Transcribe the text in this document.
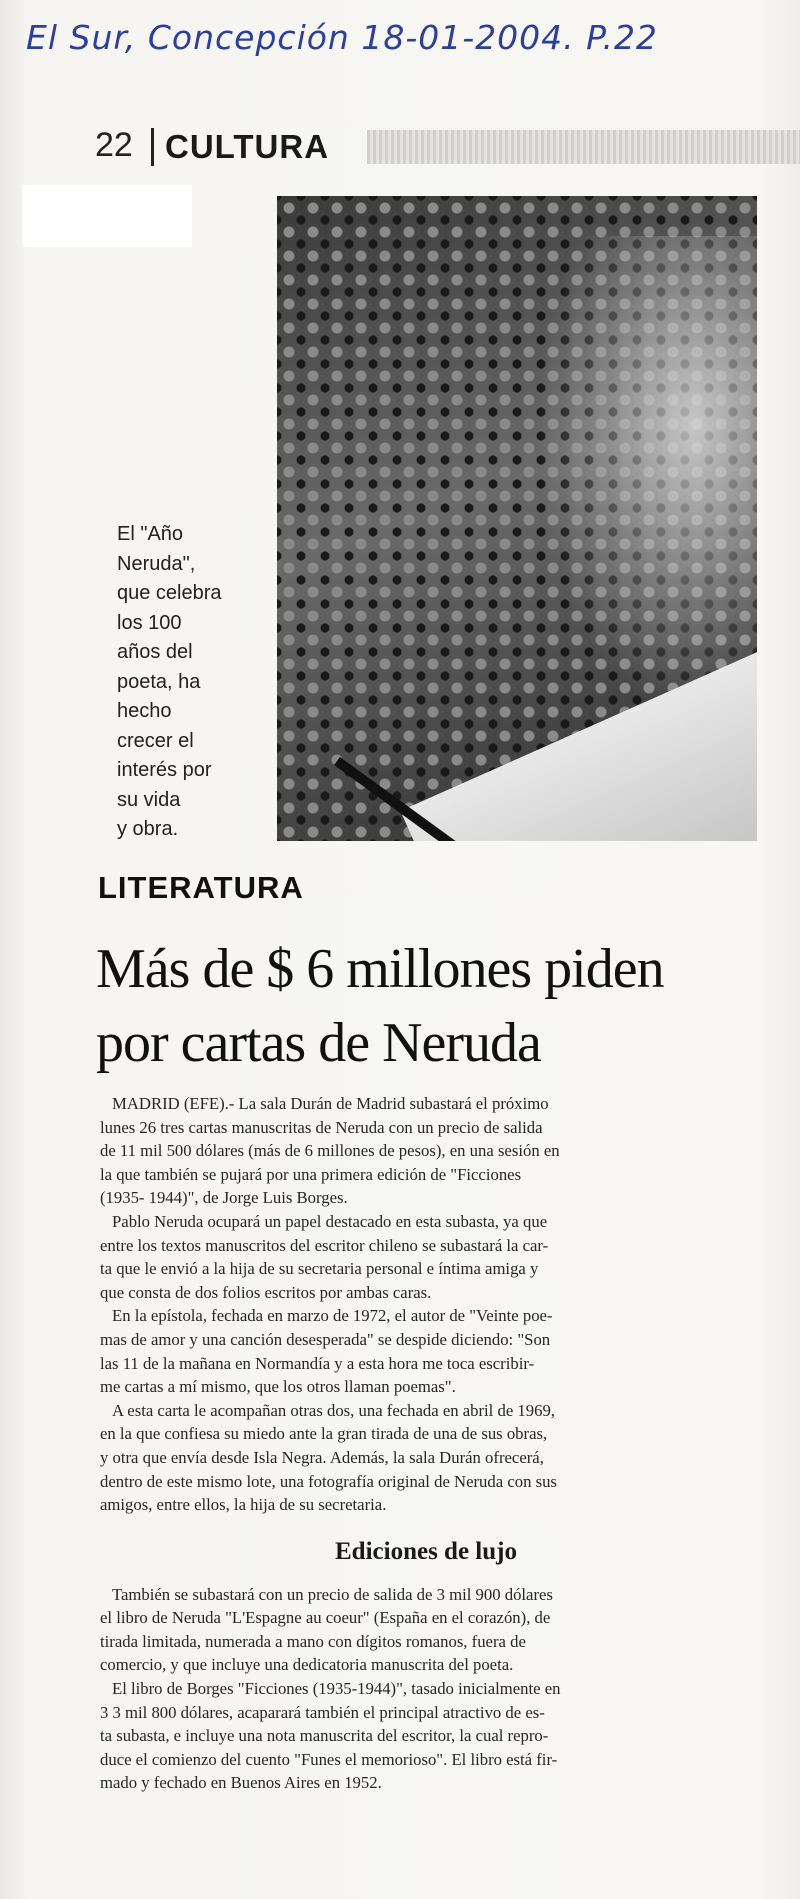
El Sur, Concepción 18-01-2004. P.22
22 CULTURA
El "Año
Neruda",
que celebra
los 100
años del
poeta, ha
hecho
crecer el
interés por
su vida
y obra.
LITERATURA
Más de $ 6 millones piden
por cartas de Neruda
MADRID (EFE).- La sala Durán de Madrid subastará el próximo
lunes 26 tres cartas manuscritas de Neruda con un precio de salida
de 11 mil 500 dólares (más de 6 millones de pesos), en una sesión en
la que también se pujará por una primera edición de "Ficciones
(1935- 1944)", de Jorge Luis Borges.
Pablo Neruda ocupará un papel destacado en esta subasta, ya que
entre los textos manuscritos del escritor chileno se subastará la car-
ta que le envió a la hija de su secretaria personal e íntima amiga y
que consta de dos folios escritos por ambas caras.
En la epístola, fechada en marzo de 1972, el autor de "Veinte poe-
mas de amor y una canción desesperada" se despide diciendo: "Son
las 11 de la mañana en Normandía y a esta hora me toca escribir-
me cartas a mí mismo, que los otros llaman poemas".
A esta carta le acompañan otras dos, una fechada en abril de 1969,
en la que confiesa su miedo ante la gran tirada de una de sus obras,
y otra que envía desde Isla Negra. Además, la sala Durán ofrecerá,
dentro de este mismo lote, una fotografía original de Neruda con sus
amigos, entre ellos, la hija de su secretaria.
Ediciones de lujo
También se subastará con un precio de salida de 3 mil 900 dólares
el libro de Neruda "L'Espagne au coeur" (España en el corazón), de
tirada limitada, numerada a mano con dígitos romanos, fuera de
comercio, y que incluye una dedicatoria manuscrita del poeta.
El libro de Borges "Ficciones (1935-1944)", tasado inicialmente en
3 3 mil 800 dólares, acaparará también el principal atractivo de es-
ta subasta, e incluye una nota manuscrita del escritor, la cual repro-
duce el comienzo del cuento "Funes el memorioso". El libro está fir-
mado y fechado en Buenos Aires en 1952.
